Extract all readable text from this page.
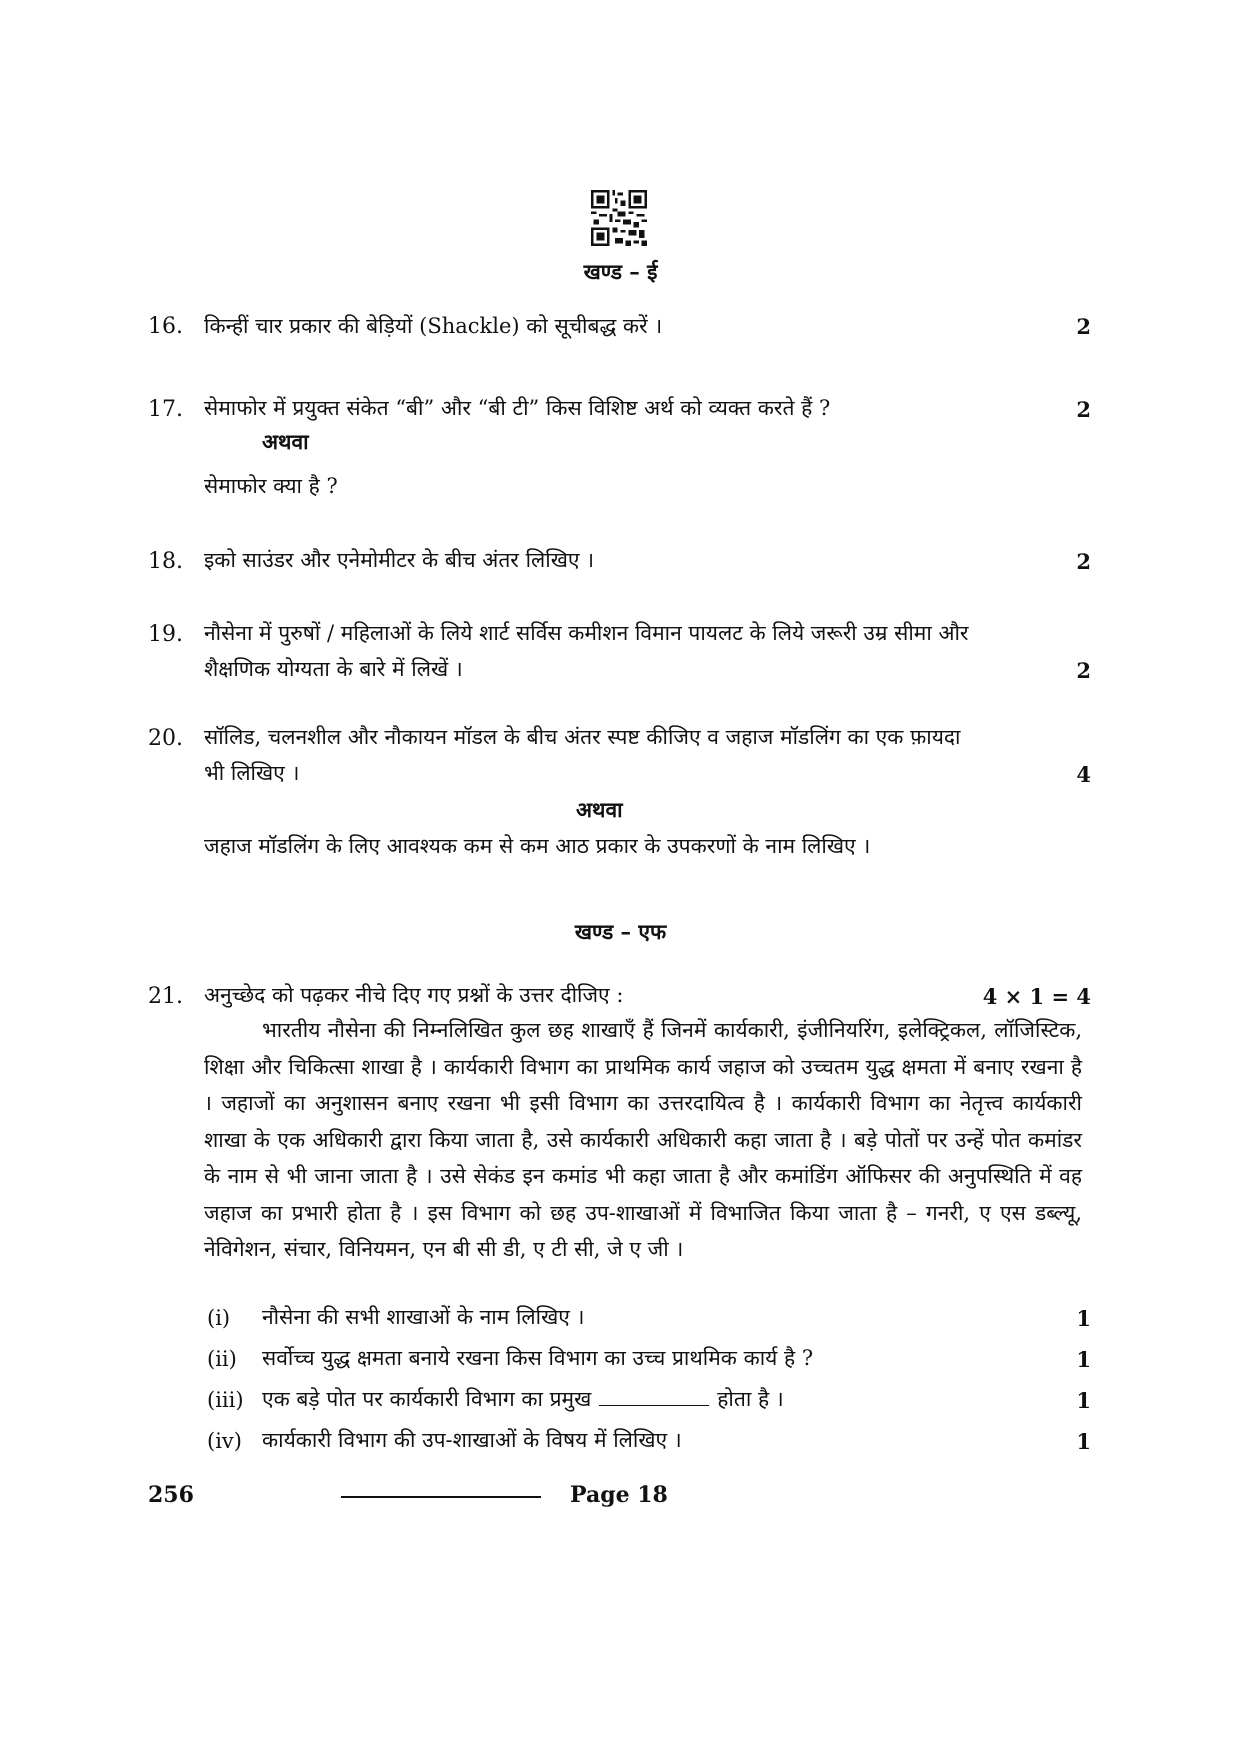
खण्ड – ई
16. किन्हीं चार प्रकार की बेड़ियों (Shackle) को सूचीबद्ध करें ।	2
17. सेमाफोर में प्रयुक्त संकेत “बी” और “बी टी” किस विशिष्ट अर्थ को व्यक्त करते हैं ?	2
अथवा
सेमाफोर क्या है ?
18. इको साउंडर और एनेमोमीटर के बीच अंतर लिखिए ।	2
19. नौसेना में पुरुषों / महिलाओं के लिये शार्ट सर्विस कमीशन विमान पायलट के लिये जरूरी उम्र सीमा और
शैक्षणिक योग्यता के बारे में लिखें ।	2
20. सॉलिड, चलनशील और नौकायन मॉडल के बीच अंतर स्पष्ट कीजिए व जहाज मॉडलिंग का एक फ़ायदा
भी लिखिए ।	4
अथवा
जहाज मॉडलिंग के लिए आवश्यक कम से कम आठ प्रकार के उपकरणों के नाम लिखिए ।
खण्ड – एफ
21. अनुच्छेद को पढ़कर नीचे दिए गए प्रश्नों के उत्तर दीजिए :	4 × 1 = 4
भारतीय नौसेना की निम्नलिखित कुल छह शाखाएँ हैं जिनमें कार्यकारी, इंजीनियरिंग, इलेक्ट्रिकल, लॉजिस्टिक, शिक्षा और चिकित्सा शाखा है । कार्यकारी विभाग का प्राथमिक कार्य जहाज को उच्चतम युद्ध क्षमता में बनाए रखना है । जहाजों का अनुशासन बनाए रखना भी इसी विभाग का उत्तरदायित्व है । कार्यकारी विभाग का नेतृत्त्व कार्यकारी शाखा के एक अधिकारी द्वारा किया जाता है, उसे कार्यकारी अधिकारी कहा जाता है । बड़े पोतों पर उन्हें पोत कमांडर के नाम से भी जाना जाता है । उसे सेकंड इन कमांड भी कहा जाता है और कमांडिंग ऑफिसर की अनुपस्थिति में वह जहाज का प्रभारी होता है । इस विभाग को छह उप-शाखाओं में विभाजित किया जाता है – गनरी, ए एस डब्ल्यू, नेविगेशन, संचार, विनियमन, एन बी सी डी, ए टी सी, जे ए जी ।
(i) नौसेना की सभी शाखाओं के नाम लिखिए ।	1
(ii) सर्वोच्च युद्ध क्षमता बनाये रखना किस विभाग का उच्च प्राथमिक कार्य है ?	1
(iii) एक बड़े पोत पर कार्यकारी विभाग का प्रमुख	होता है ।	1
(iv) कार्यकारी विभाग की उप-शाखाओं के विषय में लिखिए ।	1
256	Page 18
